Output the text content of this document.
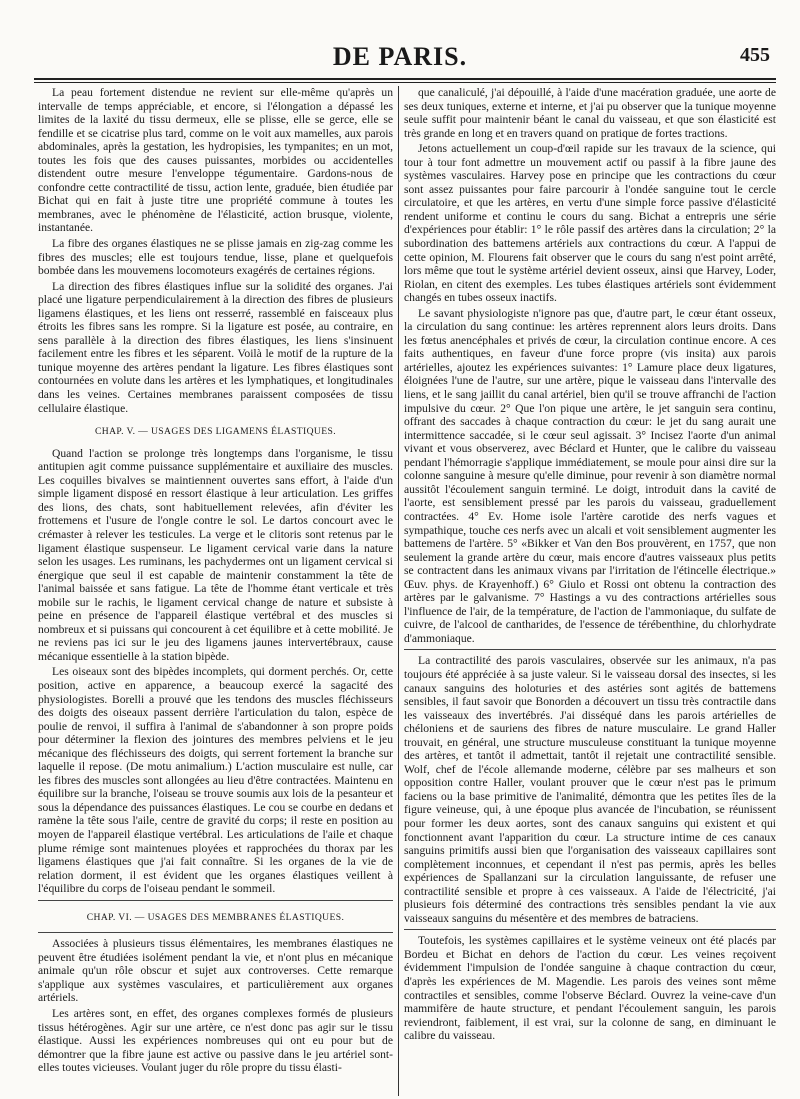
DE PARIS.	455

La peau fortement distendue ne revient sur elle-même qu'après un intervalle de temps appréciable, et encore, si l'élongation a dépassé les limites de la laxité du tissu dermeux, elle se plisse, elle se gerce, elle se fendille et se cicatrise plus tard, comme on le voit aux mamelles, aux parois abdominales, après la gestation, les hydropisies, les tympanites; en un mot, toutes les fois que des causes puissantes, morbides ou accidentelles distendent outre mesure l'enveloppe tégumentaire. Gardons-nous de confondre cette contractilité de tissu, action lente, graduée, bien étudiée par Bichat qui en fait à juste titre une propriété commune à toutes les membranes, avec le phénomène de l'élasticité, action brusque, violente, instantanée.

La fibre des organes élastiques ne se plisse jamais en zig-zag comme les fibres des muscles; elle est toujours tendue, lisse, plane et quelquefois bombée dans les mouvemens locomoteurs exagérés de certaines régions.

La direction des fibres élastiques influe sur la solidité des organes. J'ai placé une ligature perpendiculairement à la direction des fibres de plusieurs ligamens élastiques, et les liens ont resserré, rassemblé en faisceaux plus étroits les fibres sans les rompre. Si la ligature est posée, au contraire, en sens parallèle à la direction des fibres élastiques, les liens s'insinuent facilement entre les fibres et les séparent. Voilà le motif de la rupture de la tunique moyenne des artères pendant la ligature. Les fibres élastiques sont contournées en volute dans les artères et les lymphatiques, et longitudinales dans les veines. Certaines membranes paraissent composées de tissu cellulaire élastique.

CHAP. V. — USAGES DES LIGAMENS ÉLASTIQUES.

Quand l'action se prolonge très longtemps dans l'organisme, le tissu antitupien agit comme puissance supplémentaire et auxiliaire des muscles. Les coquilles bivalves se maintiennent ouvertes sans effort, à l'aide d'un simple ligament disposé en ressort élastique à leur articulation. Les griffes des lions, des chats, sont habituellement relevées, afin d'éviter les frottemens et l'usure de l'ongle contre le sol. Le dartos concourt avec le crémaster à relever les testicules. La verge et le clitoris sont retenus par le ligament élastique suspenseur. Le ligament cervical varie dans la nature selon les usages. Les ruminans, les pachydermes ont un ligament cervical si énergique que seul il est capable de maintenir constamment la tête de l'animal baissée et sans fatigue. La tête de l'homme étant verticale et très mobile sur le rachis, le ligament cervical change de nature et subsiste à peine en présence de l'appareil élastique vertébral et des muscles si nombreux et si puissans qui concourent à cet équilibre et à cette mobilité. Je ne reviens pas ici sur le jeu des ligamens jaunes intervertébraux, cause mécanique essentielle à la station bipède.

Les oiseaux sont des bipèdes incomplets, qui dorment perchés. Or, cette position, active en apparence, a beaucoup exercé la sagacité des physiologistes. Borelli a prouvé que les tendons des muscles fléchisseurs des doigts des oiseaux passent derrière l'articulation du talon, espèce de poulie de renvoi, il suffira à l'animal de s'abandonner à son propre poids pour déterminer la flexion des jointures des membres pelviens et le jeu mécanique des fléchisseurs des doigts, qui serrent fortement la branche sur laquelle il repose. (De motu animalium.) L'action musculaire est nulle, car les fibres des muscles sont allongées au lieu d'être contractées. Maintenu en équilibre sur la branche, l'oiseau se trouve soumis aux lois de la pesanteur et sous la dépendance des puissances élastiques. Le cou se courbe en dedans et ramène la tête sous l'aile, centre de gravité du corps; il reste en position au moyen de l'appareil élastique vertébral. Les articulations de l'aile et chaque plume rémige sont maintenues ployées et rapprochées du thorax par les ligamens élastiques que j'ai fait connaître. Si les organes de la vie de relation dorment, il est évident que les organes élastiques veillent à l'équilibre du corps de l'oiseau pendant le sommeil.

CHAP. VI. — USAGES DES MEMBRANES ÉLASTIQUES.

Associées à plusieurs tissus élémentaires, les membranes élastiques ne peuvent être étudiées isolément pendant la vie, et n'ont plus en mécanique animale qu'un rôle obscur et sujet aux controverses. Cette remarque s'applique aux systèmes vasculaires, et particulièrement aux organes artériels.

Les artères sont, en effet, des organes complexes formés de plusieurs tissus hétérogènes. Agir sur une artère, ce n'est donc pas agir sur le tissu élastique. Aussi les expériences nombreuses qui ont eu pour but de démontrer que la fibre jaune est active ou passive dans le jeu artériel sont-elles toutes vicieuses. Voulant juger du rôle propre du tissu élasti-

que canaliculé, j'ai dépouillé, à l'aide d'une macération graduée, une aorte de ses deux tuniques, externe et interne, et j'ai pu observer que la tunique moyenne seule suffit pour maintenir béant le canal du vaisseau, et que son élasticité est très grande en long et en travers quand on pratique de fortes tractions.

Jetons actuellement un coup-d'œil rapide sur les travaux de la science, qui tour à tour font admettre un mouvement actif ou passif à la fibre jaune des systèmes vasculaires. Harvey pose en principe que les contractions du cœur sont assez puissantes pour faire parcourir à l'ondée sanguine tout le cercle circulatoire, et que les artères, en vertu d'une simple force passive d'élasticité rendent uniforme et continu le cours du sang. Bichat a entrepris une série d'expériences pour établir: 1° le rôle passif des artères dans la circulation; 2° la subordination des battemens artériels aux contractions du cœur. A l'appui de cette opinion, M. Flourens fait observer que le cours du sang n'est point arrêté, lors même que tout le système artériel devient osseux, ainsi que Harvey, Loder, Riolan, en citent des exemples. Les tubes élastiques artériels sont évidemment changés en tubes osseux inactifs.

Le savant physiologiste n'ignore pas que, d'autre part, le cœur étant osseux, la circulation du sang continue: les artères reprennent alors leurs droits. Dans les fœtus anencéphales et privés de cœur, la circulation continue encore. A ces faits authentiques, en faveur d'une force propre (vis insita) aux parois artérielles, ajoutez les expériences suivantes: 1° Lamure place deux ligatures, éloignées l'une de l'autre, sur une artère, pique le vaisseau dans l'intervalle des liens, et le sang jaillit du canal artériel, bien qu'il se trouve affranchi de l'action impulsive du cœur. 2° Que l'on pique une artère, le jet sanguin sera continu, offrant des saccades à chaque contraction du cœur: le jet du sang aurait une intermittence saccadée, si le cœur seul agissait. 3° Incisez l'aorte d'un animal vivant et vous observerez, avec Béclard et Hunter, que le calibre du vaisseau pendant l'hémorragie s'applique immédiatement, se moule pour ainsi dire sur la colonne sanguine à mesure qu'elle diminue, pour revenir à son diamètre normal aussitôt l'écoulement sanguin terminé. Le doigt, introduit dans la cavité de l'aorte, est sensiblement pressé par les parois du vaisseau, graduellement contractées. 4° Ev. Home isole l'artère carotide des nerfs vagues et sympathique, touche ces nerfs avec un alcali et voit sensiblement augmenter les battemens de l'artère. 5° «Bikker et Van den Bos prouvèrent, en 1757, que non seulement la grande artère du cœur, mais encore d'autres vaisseaux plus petits se contractent dans les animaux vivans par l'irritation de l'étincelle électrique.» Œuv. phys. de Krayenhoff.) 6° Giulo et Rossi ont obtenu la contraction des artères par le galvanisme. 7° Hastings a vu des contractions artérielles sous l'influence de l'air, de la température, de l'action de l'ammoniaque, du sulfate de cuivre, de l'alcool de cantharides, de l'essence de térébenthine, du chlorhydrate d'ammoniaque.

La contractilité des parois vasculaires, observée sur les animaux, n'a pas toujours été appréciée à sa juste valeur. Si le vaisseau dorsal des insectes, si les canaux sanguins des holoturies et des astéries sont agités de battemens sensibles, il faut savoir que Bonorden a découvert un tissu très contractile dans les vaisseaux des invertébrés. J'ai disséqué dans les parois artérielles de chéloniens et de sauriens des fibres de nature musculaire. Le grand Haller trouvait, en général, une structure musculeuse constituant la tunique moyenne des artères, et tantôt il admettait, tantôt il rejetait une contractilité sensible. Wolf, chef de l'école allemande moderne, célèbre par ses malheurs et son opposition contre Haller, voulant prouver que le cœur n'est pas le primum faciens ou la base primitive de l'animalité, démontra que les petites îles de la figure veineuse, qui, à une époque plus avancée de l'incubation, se réunissent pour former les deux aortes, sont des canaux sanguins qui existent et qui fonctionnent avant l'apparition du cœur. La structure intime de ces canaux sanguins primitifs aussi bien que l'organisation des vaisseaux capillaires sont complètement inconnues, et cependant il n'est pas permis, après les belles expériences de Spallanzani sur la circulation languissante, de refuser une contractilité sensible et propre à ces vaisseaux. A l'aide de l'électricité, j'ai plusieurs fois déterminé des contractions très sensibles pendant la vie aux vaisseaux sanguins du mésentère et des membres de batraciens.

Toutefois, les systèmes capillaires et le système veineux ont été placés par Bordeu et Bichat en dehors de l'action du cœur. Les veines reçoivent évidemment l'impulsion de l'ondée sanguine à chaque contraction du cœur, d'après les expériences de M. Magendie. Les parois des veines sont même contractiles et sensibles, comme l'observe Béclard. Ouvrez la veine-cave d'un mammifère de haute structure, et pendant l'écoulement sanguin, les parois reviendront, faiblement, il est vrai, sur la colonne de sang, en diminuant le calibre du vaisseau.
